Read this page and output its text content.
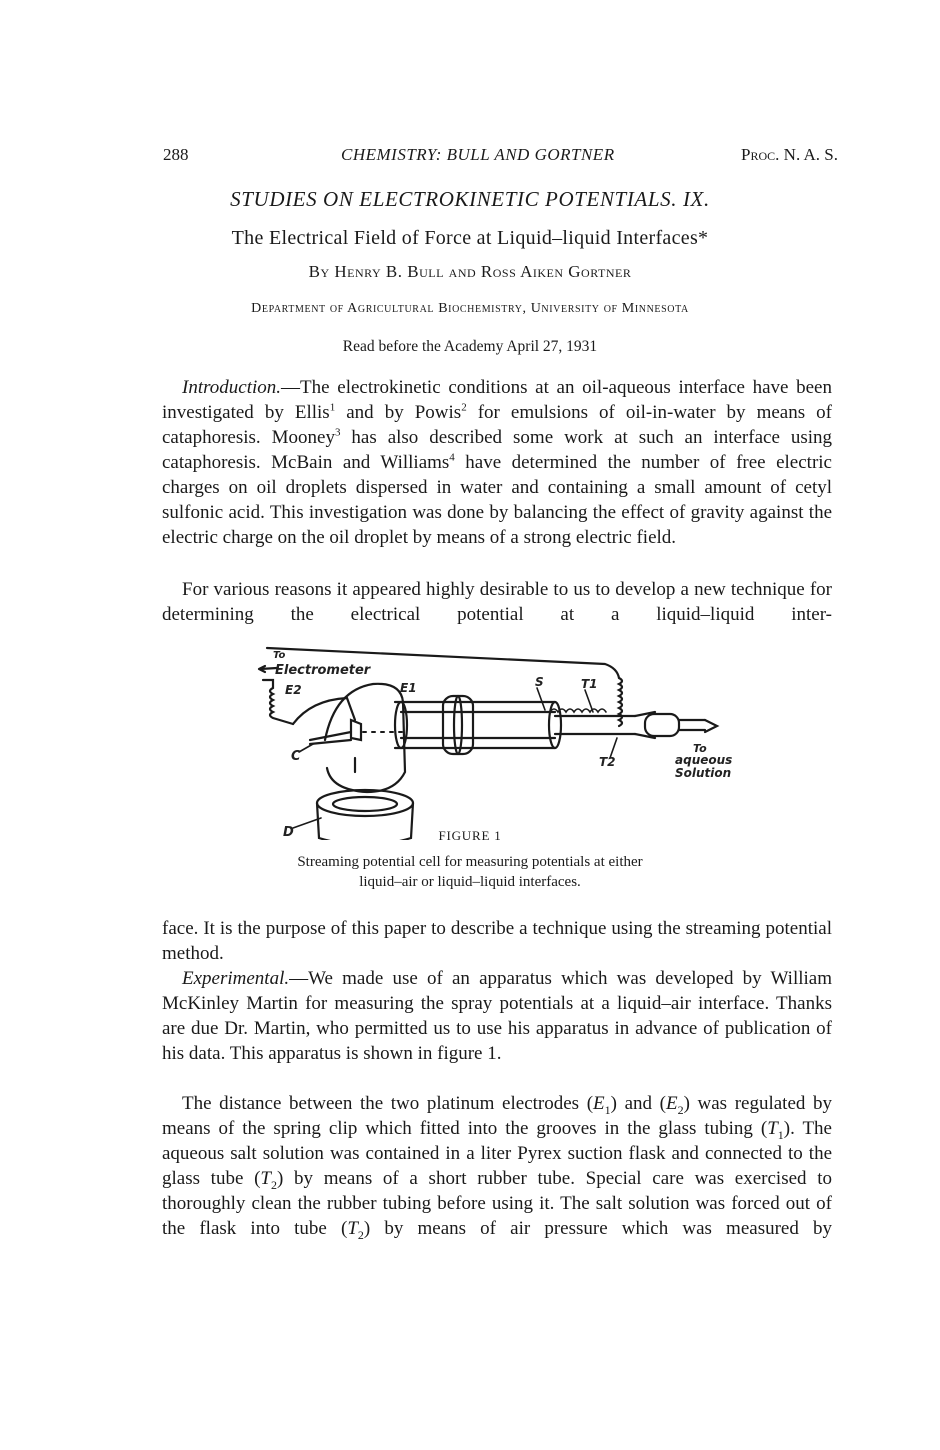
288	CHEMISTRY: BULL AND GORTNER	Proc. N. A. S.
STUDIES ON ELECTROKINETIC POTENTIALS. IX.
The Electrical Field of Force at Liquid–liquid Interfaces*
By Henry B. Bull and Ross Aiken Gortner
Department of Agricultural Biochemistry, University of Minnesota
Read before the Academy April 27, 1931

Introduction.—The electrokinetic conditions at an oil-aqueous interface have been investigated by Ellis$^1$ and by Powis$^2$ for emulsions of oil-in-water by means of cataphoresis. Mooney$^3$ has also described some work at such an interface using cataphoresis. McBain and Williams$^4$ have determined the number of free electric charges on oil droplets dispersed in water and containing a small amount of cetyl sulfonic acid. This investigation was done by balancing the effect of gravity against the electric charge on the oil droplet by means of a strong electric field.

For various reasons it appeared highly desirable to us to develop a new technique for determining the electrical potential at a liquid–liquid inter-

To
Electrometer
E2	E1	S	T1
T2
C
D
To
aqueous
Solution
FIGURE 1
Streaming potential cell for measuring potentials at either
liquid–air or liquid–liquid interfaces.

face. It is the purpose of this paper to describe a technique using the streaming potential method.

Experimental.—We made use of an apparatus which was developed by William McKinley Martin for measuring the spray potentials at a liquid–air interface. Thanks are due Dr. Martin, who permitted us to use his apparatus in advance of publication of his data. This apparatus is shown in figure 1.

The distance between the two platinum electrodes $(E_1)$ and $(E_2)$ was regulated by means of the spring clip which fitted into the grooves in the glass tubing $(T_1)$. The aqueous salt solution was contained in a liter Pyrex suction flask and connected to the glass tube $(T_2)$ by means of a short rubber tube. Special care was exercised to thoroughly clean the rubber tubing before using it. The salt solution was forced out of the flask into tube $(T_2)$ by means of air pressure which was measured by
